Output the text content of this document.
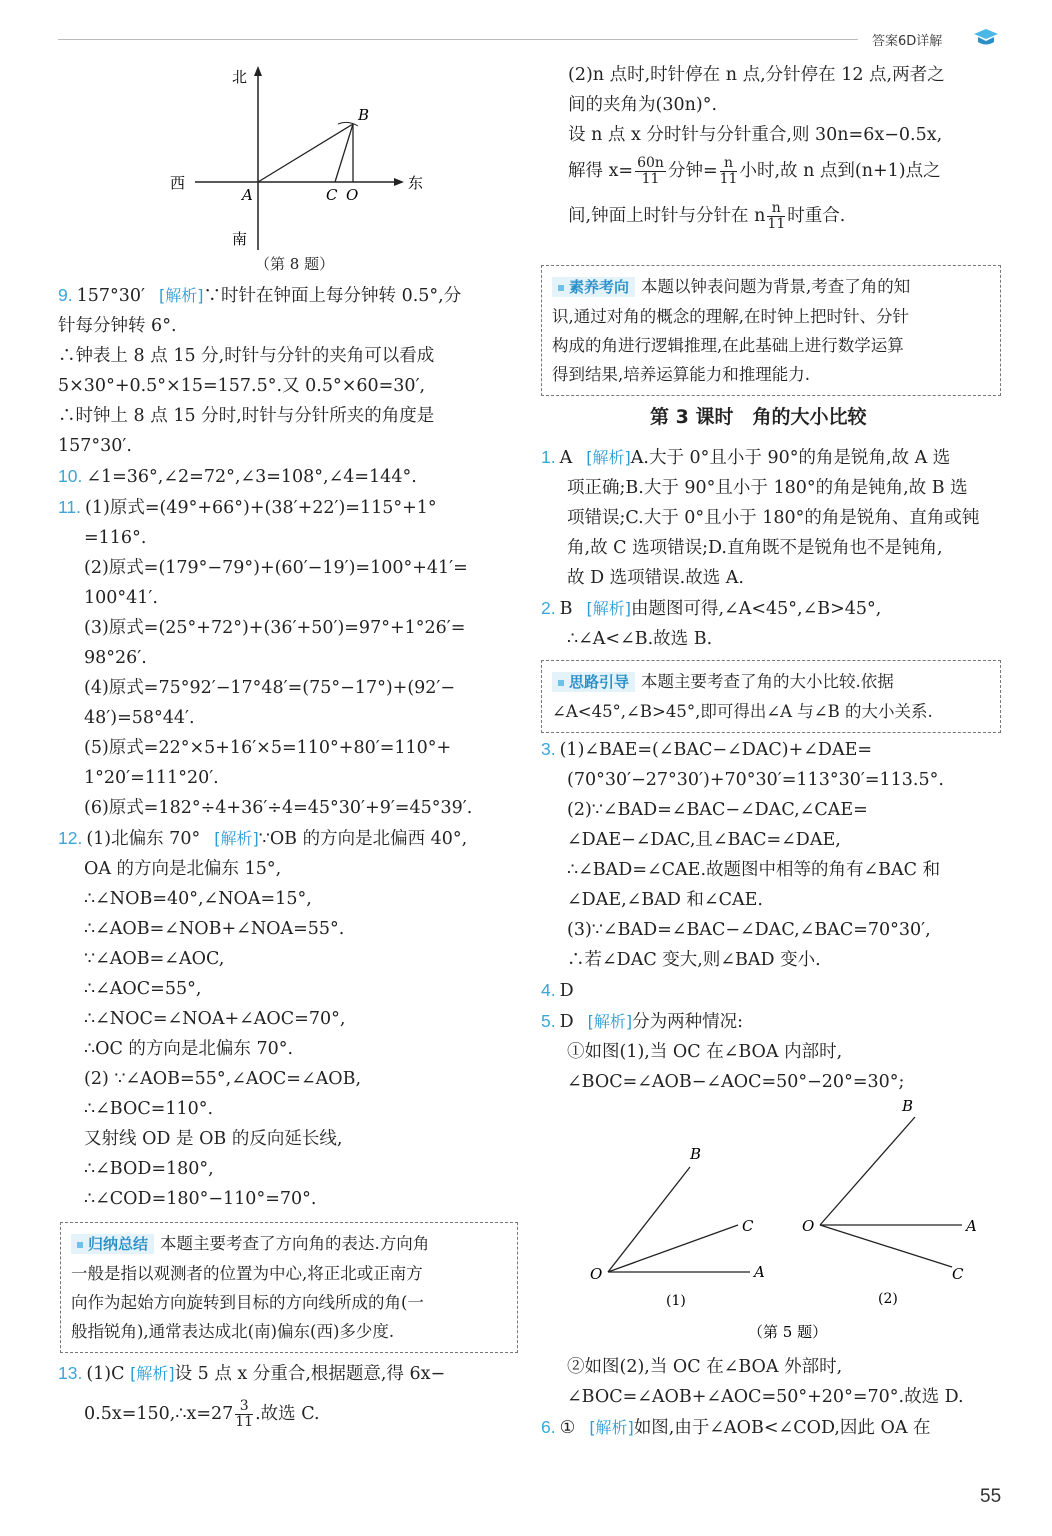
答案6D详解
北
南
西	东
A
B
C O
（第 8 题）

9. 157°30′ [解析]∵时针在钟面上每分钟转 0.5°,分

针每分钟转 6°.

∴钟表上 8 点 15 分,时针与分针的夹角可以看成

5×30°+0.5°×15=157.5°.又 0.5°×60=30′,

∴时钟上 8 点 15 分时,时针与分针所夹的角度是

157°30′.

10. ∠1=36°,∠2=72°,∠3=108°,∠4=144°.

11. (1)原式=(49°+66°)+(38′+22′)=115°+1°

=116°.

(2)原式=(179°−79°)+(60′−19′)=100°+41′=

100°41′.

(3)原式=(25°+72°)+(36′+50′)=97°+1°26′=

98°26′.

(4)原式=75°92′−17°48′=(75°−17°)+(92′−

48′)=58°44′.

(5)原式=22°×5+16′×5=110°+80′=110°+

1°20′=111°20′.

(6)原式=182°÷4+36′÷4=45°30′+9′=45°39′.

12. (1)北偏东 70° [解析]∵OB 的方向是北偏西 40°,

OA 的方向是北偏东 15°,

∴∠NOB=40°,∠NOA=15°,

∴∠AOB=∠NOB+∠NOA=55°.

∵∠AOB=∠AOC,

∴∠AOC=55°,

∴∠NOC=∠NOA+∠AOC=70°,

∴OC 的方向是北偏东 70°.

(2) ∵∠AOB=55°,∠AOC=∠AOB,

∴∠BOC=110°.

又射线 OD 是 OB 的反向延长线,

∴∠BOD=180°,

∴∠COD=180°−110°=70°.

归纳总结 本题主要考查了方向角的表达.方向角

一般是指以观测者的位置为中心,将正北或正南方

向作为起始方向旋转到目标的方向线所成的角(一

般指锐角),通常表达成北(南)偏东(西)多少度.

13. (1)C [解析]设 5 点 x 分重合,根据题意,得 6x−

0.5x=150,∴x=27 $\frac{3}{11}$ .故选 C.

(2)n 点时,时针停在 n 点,分针停在 12 点,两者之

间的夹角为(30n)°.

设 n 点 x 分时针与分针重合,则 30n=6x−0.5x,

解得 $x= \frac{60n}{11}$ 分钟= $\frac{n}{11}$ 小时,故 n 点到(n+1)点之

间,钟面上时针与分针在 n $\frac{n}{11}$ 时重合.

素养考向 本题以钟表问题为背景,考查了角的知

识,通过对角的概念的理解,在时钟上把时针、分针

构成的角进行逻辑推理,在此基础上进行数学运算

得到结果,培养运算能力和推理能力.

第 3 课时　角的大小比较

1. A [解析]A.大于 0°且小于 90°的角是锐角,故 A 选

项正确;B.大于 90°且小于 180°的角是钝角,故 B 选

项错误;C.大于 0°且小于 180°的角是锐角、直角或钝

角,故 C 选项错误;D.直角既不是锐角也不是钝角,

故 D 选项错误.故选 A.

2. B [解析]由题图可得,∠A<45°,∠B>45°,

∴∠A<∠B.故选 B.

思路引导 本题主要考查了角的大小比较.依据

∠A<45°,∠B>45°,即可得出∠A 与∠B 的大小关系.

3. (1)∠BAE=(∠BAC−∠DAC)+∠DAE=

(70°30′−27°30′)+70°30′=113°30′=113.5°.

(2)∵∠BAD=∠BAC−∠DAC,∠CAE=

∠DAE−∠DAC,且∠BAC=∠DAE,

∴∠BAD=∠CAE.故题图中相等的角有∠BAC 和

∠DAE,∠BAD 和∠CAE.

(3)∵∠BAD=∠BAC−∠DAC,∠BAC=70°30′,

∴若∠DAC 变大,则∠BAD 变小.

4. D

5. D [解析]分为两种情况:

①如图(1),当 OC 在∠BOA 内部时,

∠BOC=∠AOB−∠AOC=50°−20°=30°;

O	A
B
C	O	A
B
C
(1)	(2)
（第 5 题）

②如图(2),当 OC 在∠BOA 外部时,

∠BOC=∠AOB+∠AOC=50°+20°=70°.故选 D.

6. ① [解析]如图,由于∠AOB<∠COD,因此 OA 在

55
